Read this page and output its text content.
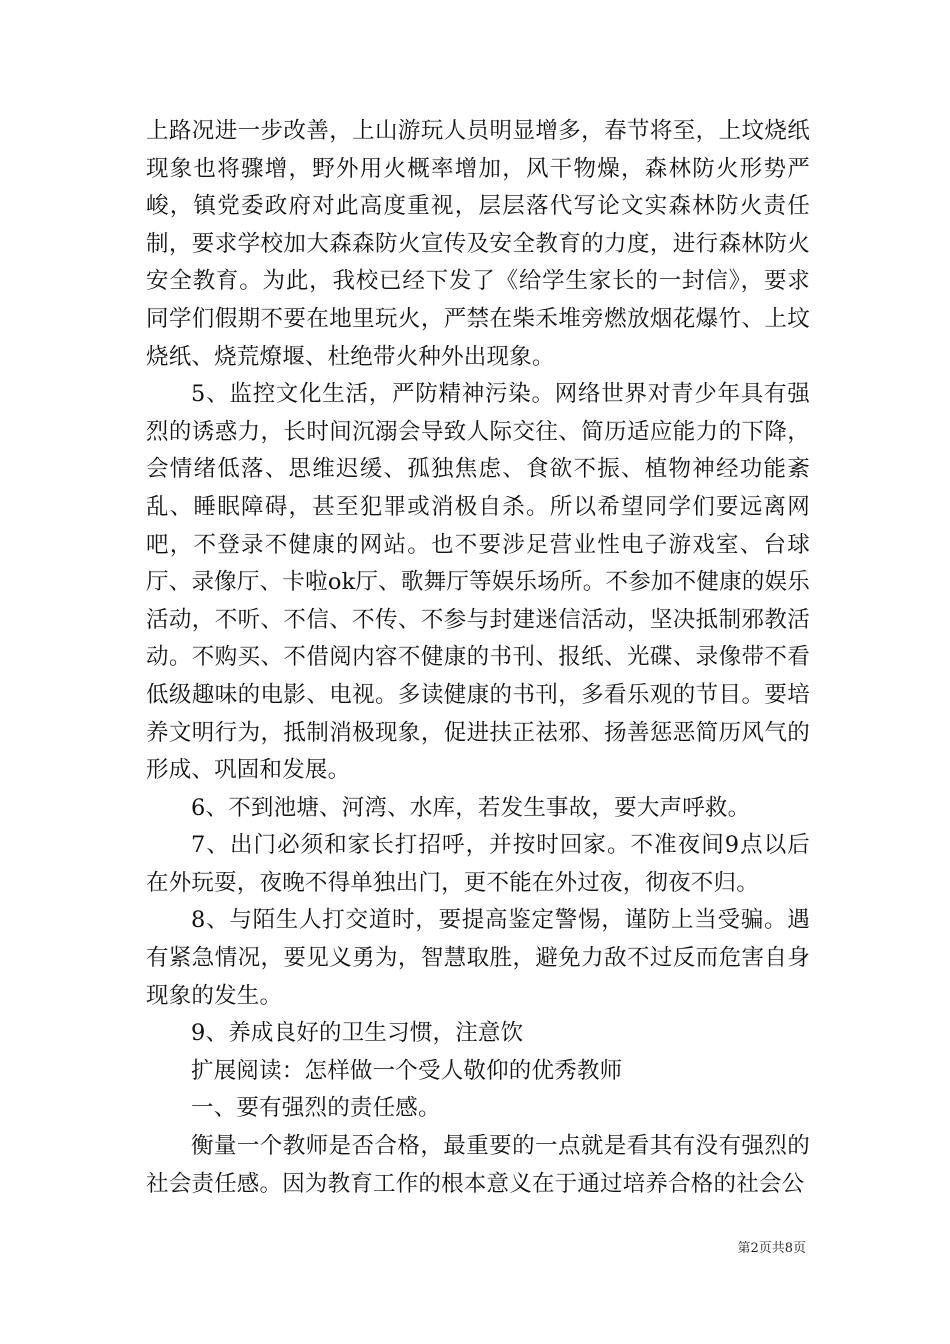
上路况进一步改善，上山游玩人员明显增多，春节将至，上坟烧纸现象也将骤增，野外用火概率增加，风干物燥，森林防火形势严峻，镇党委政府对此高度重视，层层落代写论文实森林防火责任制，要求学校加大森森防火宣传及安全教育的力度，进行森林防火安全教育。为此，我校已经下发了《给学生家长的一封信》，要求同学们假期不要在地里玩火，严禁在柴禾堆旁燃放烟花爆竹、上坟烧纸、烧荒燎堰、杜绝带火种外出现象。

5、监控文化生活，严防精神污染。网络世界对青少年具有强烈的诱惑力，长时间沉溺会导致人际交往、简历适应能力的下降，会情绪低落、思维迟缓、孤独焦虑、食欲不振、植物神经功能紊乱、睡眠障碍，甚至犯罪或消极自杀。所以希望同学们要远离网吧，不登录不健康的网站。也不要涉足营业性电子游戏室、台球厅、录像厅、卡啦ok厅、歌舞厅等娱乐场所。不参加不健康的娱乐活动，不听、不信、不传、不参与封建迷信活动，坚决抵制邪教活动。不购买、不借阅内容不健康的书刊、报纸、光碟、录像带不看低级趣味的电影、电视。多读健康的书刊，多看乐观的节目。要培养文明行为，抵制消极现象，促进扶正祛邪、扬善惩恶简历风气的形成、巩固和发展。

6、不到池塘、河湾、水库，若发生事故，要大声呼救。

7、出门必须和家长打招呼，并按时回家。不准夜间9点以后在外玩耍，夜晚不得单独出门，更不能在外过夜，彻夜不归。

8、与陌生人打交道时，要提高鉴定警惕，谨防上当受骗。遇有紧急情况，要见义勇为，智慧取胜，避免力敌不过反而危害自身现象的发生。

9、养成良好的卫生习惯，注意饮

扩展阅读：怎样做一个受人敬仰的优秀教师

一、要有强烈的责任感。

衡量一个教师是否合格，最重要的一点就是看其有没有强烈的社会责任感。因为教育工作的根本意义在于通过培养合格的社会公

第2页共8页
